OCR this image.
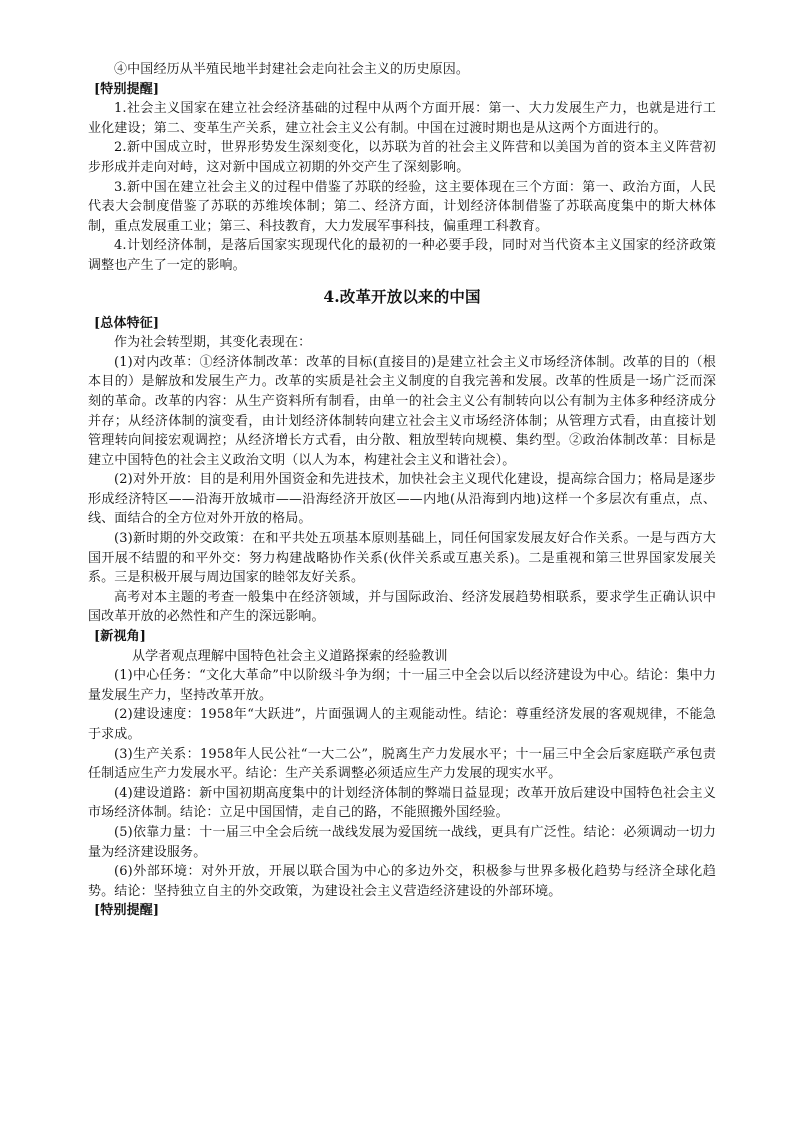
④中国经历从半殖民地半封建社会走向社会主义的历史原因。

[特别提醒]

1.社会主义国家在建立社会经济基础的过程中从两个方面开展：第一、大力发展生产力，也就是进行工业化建设；第二、变革生产关系，建立社会主义公有制。中国在过渡时期也是从这两个方面进行的。

2.新中国成立时，世界形势发生深刻变化，以苏联为首的社会主义阵营和以美国为首的资本主义阵营初步形成并走向对峙，这对新中国成立初期的外交产生了深刻影响。

3.新中国在建立社会主义的过程中借鉴了苏联的经验，这主要体现在三个方面：第一、政治方面，人民代表大会制度借鉴了苏联的苏维埃体制；第二、经济方面，计划经济体制借鉴了苏联高度集中的斯大林体制，重点发展重工业；第三、科技教育，大力发展军事科技，偏重理工科教育。

4.计划经济体制，是落后国家实现现代化的最初的一种必要手段，同时对当代资本主义国家的经济政策调整也产生了一定的影响。

4.改革开放以来的中国

[总体特征]

作为社会转型期，其变化表现在：

(1)对内改革：①经济体制改革：改革的目标(直接目的)是建立社会主义市场经济体制。改革的目的（根本目的）是解放和发展生产力。改革的实质是社会主义制度的自我完善和发展。改革的性质是一场广泛而深刻的革命。改革的内容：从生产资料所有制看，由单一的社会主义公有制转向以公有制为主体多种经济成分并存；从经济体制的演变看，由计划经济体制转向建立社会主义市场经济体制；从管理方式看，由直接计划管理转向间接宏观调控；从经济增长方式看，由分散、粗放型转向规模、集约型。②政治体制改革：目标是建立中国特色的社会主义政治文明（以人为本，构建社会主义和谐社会）。

(2)对外开放：目的是利用外国资金和先进技术，加快社会主义现代化建设，提高综合国力；格局是逐步形成经济特区——沿海开放城市——沿海经济开放区——内地(从沿海到内地)这样一个多层次有重点，点、线、面结合的全方位对外开放的格局。

(3)新时期的外交政策：在和平共处五项基本原则基础上，同任何国家发展友好合作关系。一是与西方大国开展不结盟的和平外交：努力构建战略协作关系(伙伴关系或互惠关系)。二是重视和第三世界国家发展关系。三是积极开展与周边国家的睦邻友好关系。

高考对本主题的考查一般集中在经济领域，并与国际政治、经济发展趋势相联系，要求学生正确认识中国改革开放的必然性和产生的深远影响。

[新视角]

从学者观点理解中国特色社会主义道路探索的经验教训

(1)中心任务：“文化大革命”中以阶级斗争为纲；十一届三中全会以后以经济建设为中心。结论：集中力量发展生产力，坚持改革开放。

(2)建设速度：1958年“大跃进”，片面强调人的主观能动性。结论：尊重经济发展的客观规律，不能急于求成。

(3)生产关系：1958年人民公社“一大二公”，脱离生产力发展水平；十一届三中全会后家庭联产承包责任制适应生产力发展水平。结论：生产关系调整必须适应生产力发展的现实水平。

(4)建设道路：新中国初期高度集中的计划经济体制的弊端日益显现；改革开放后建设中国特色社会主义市场经济体制。结论：立足中国国情，走自己的路，不能照搬外国经验。

(5)依靠力量：十一届三中全会后统一战线发展为爱国统一战线，更具有广泛性。结论：必须调动一切力量为经济建设服务。

(6)外部环境：对外开放，开展以联合国为中心的多边外交，积极参与世界多极化趋势与经济全球化趋势。结论：坚持独立自主的外交政策，为建设社会主义营造经济建设的外部环境。

[特别提醒]
